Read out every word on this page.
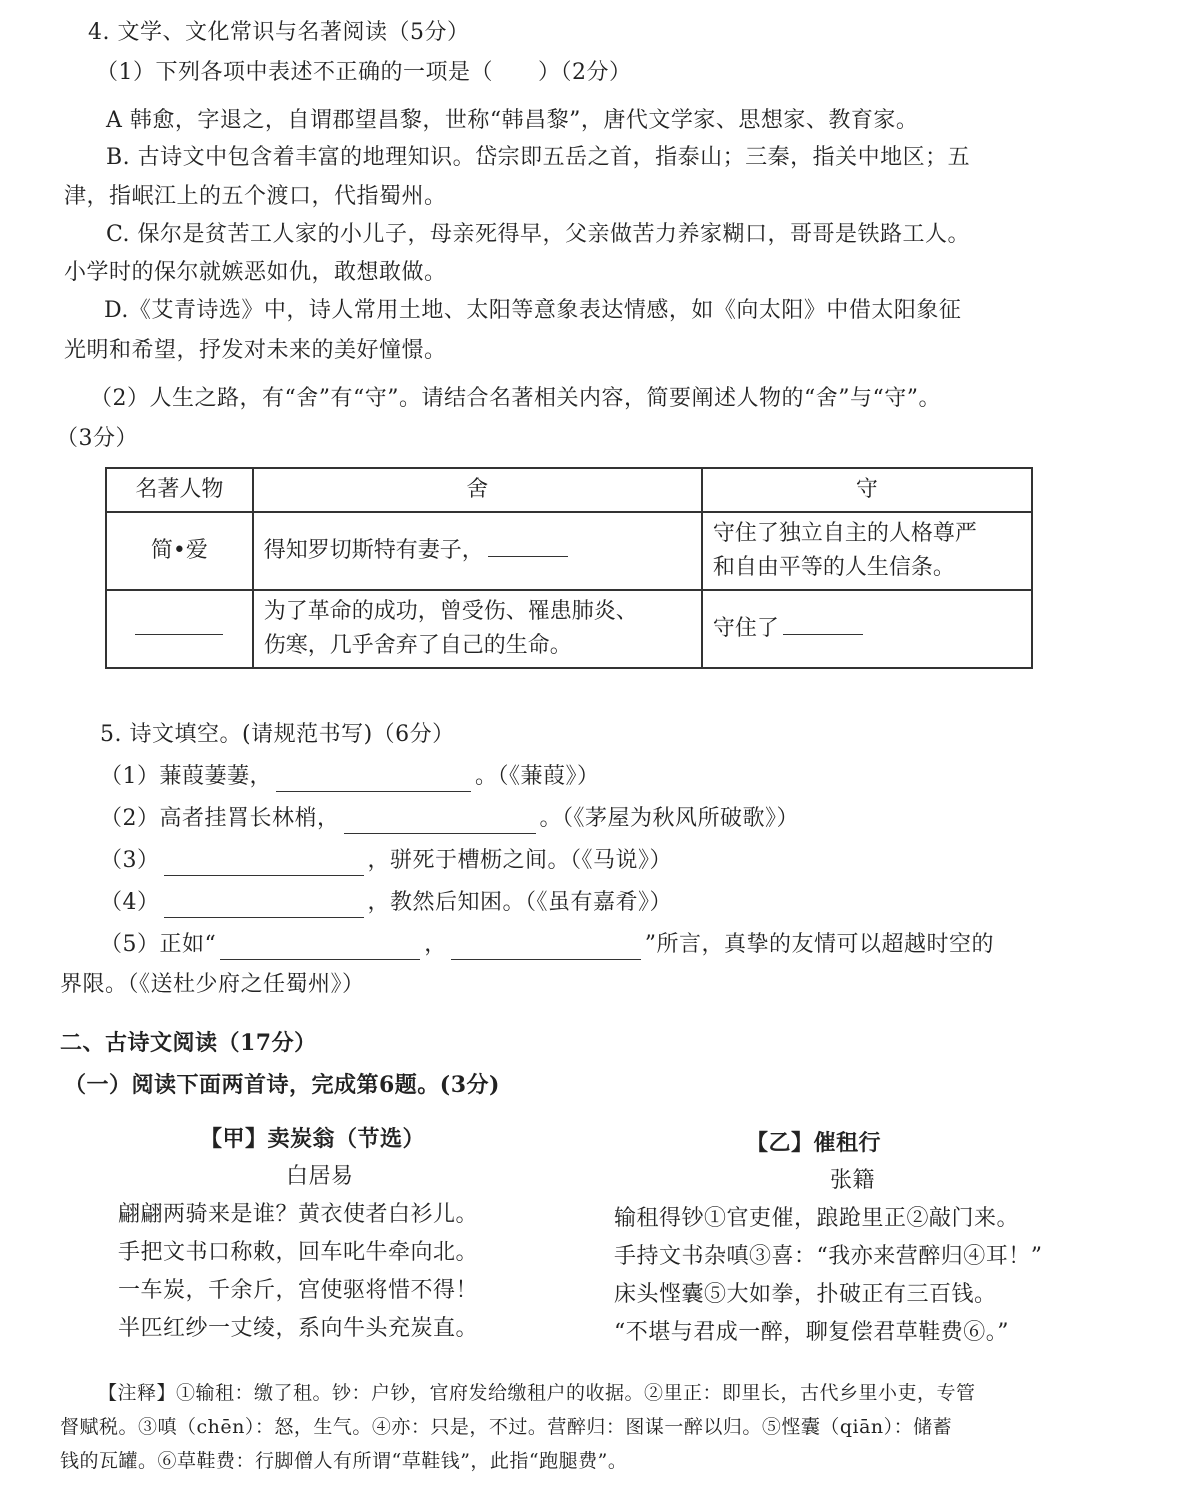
4. 文学、文化常识与名著阅读（5分）
（1）下列各项中表述不正确的一项是（　　）（2分）
A 韩愈，字退之，自谓郡望昌黎，世称“韩昌黎”，唐代文学家、思想家、教育家。
B. 古诗文中包含着丰富的地理知识。岱宗即五岳之首，指泰山；三秦，指关中地区；五
津，指岷江上的五个渡口，代指蜀州。
C. 保尔是贫苦工人家的小儿子，母亲死得早，父亲做苦力养家糊口，哥哥是铁路工人。
小学时的保尔就嫉恶如仇，敢想敢做。
D.《艾青诗选》中，诗人常用土地、太阳等意象表达情感，如《向太阳》中借太阳象征
光明和希望，抒发对未来的美好憧憬。
（2）人生之路，有“舍”有“守”。请结合名著相关内容，简要阐述人物的“舍”与“守”。
（3分）
名著人物	舍	守
简•爱	得知罗切斯特有妻子，	守住了独立自主的人格尊严
和自由平等的人生信条。

	为了革命的成功，曾受伤、罹患肺炎、
伤寒，几乎舍弃了自己的生命。	守住了
5. 诗文填空。(请规范书写)（6分）
（1）蒹葭萋萋，	。（《蒹葭》）
（2）高者挂罥长林梢，	。（《茅屋为秋风所破歌》）
（3）	，骈死于槽枥之间。（《马说》）
（4）	，教然后知困。（《虽有嘉肴》）
（5）正如“	，	”所言，真挚的友情可以超越时空的
界限。（《送杜少府之任蜀州》）
二、古诗文阅读（17分）
（一）阅读下面两首诗，完成第6题。(3分)
【甲】卖炭翁（节选）
白居易
翩翩两骑来是谁？黄衣使者白衫儿。
手把文书口称敕，回车叱牛牵向北。
一车炭，千余斤，宫使驱将惜不得！
半匹红纱一丈绫，系向牛头充炭直。
【乙】催租行
张籍
输租得钞①官吏催，踉跄里正②敲门来。
手持文书杂嗔③喜：“我亦来营醉归④耳！”
床头悭囊⑤大如拳，扑破正有三百钱。
“不堪与君成一醉，聊复偿君草鞋费⑥。”
【注释】①输租：缴了租。钞：户钞，官府发给缴租户的收据。②里正：即里长，古代乡里小吏，专管
督赋税。③嗔（chēn）：怒，生气。④亦：只是，不过。营醉归：图谋一醉以归。⑤悭囊（qiān）：储蓄
钱的瓦罐。⑥草鞋费：行脚僧人有所谓“草鞋钱”，此指“跑腿费”。
